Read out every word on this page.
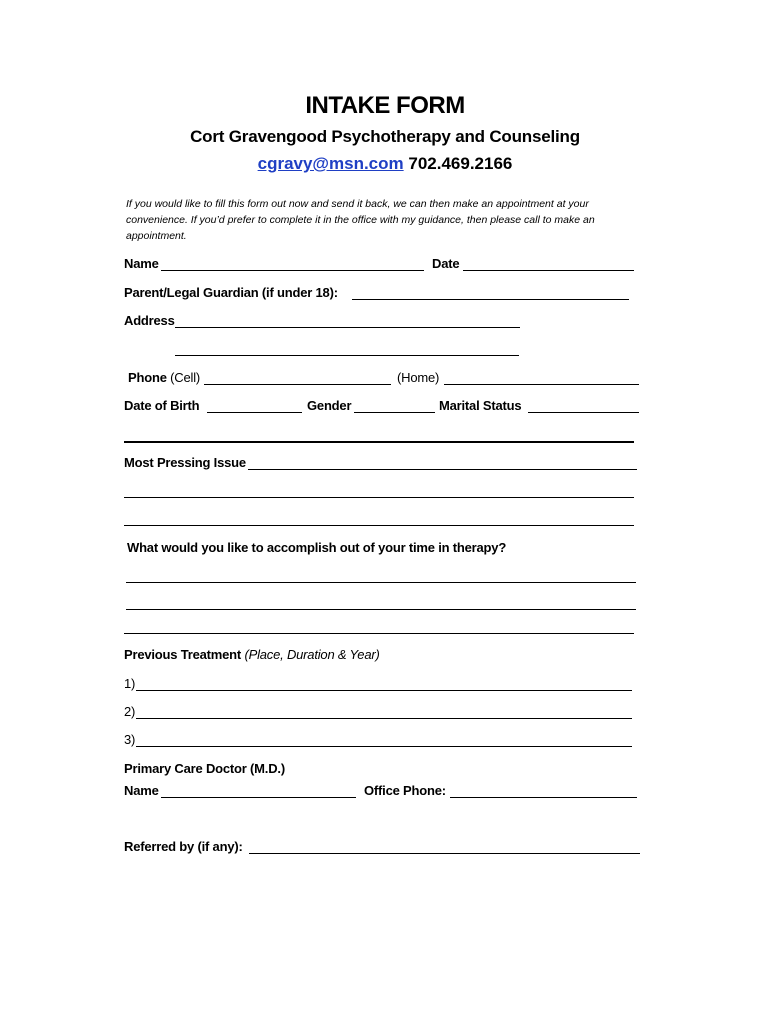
INTAKE FORM
Cort Gravengood Psychotherapy and Counseling
cgravy@msn.com 702.469.2166
If you would like to fill this form out now and send it back, we can then make an appointment at your convenience. If you’d prefer to complete it in the office with my guidance, then please call to make an appointment.
Name	Date
Parent/Legal Guardian (if under 18):
Address
Phone (Cell)	(Home)
Date of Birth	Gender	Marital Status
Most Pressing Issue
What would you like to accomplish out of your time in therapy?
Previous Treatment (Place, Duration & Year)
1)
2)
3)
Primary Care Doctor (M.D.)
Name	Office Phone:
Referred by (if any):
